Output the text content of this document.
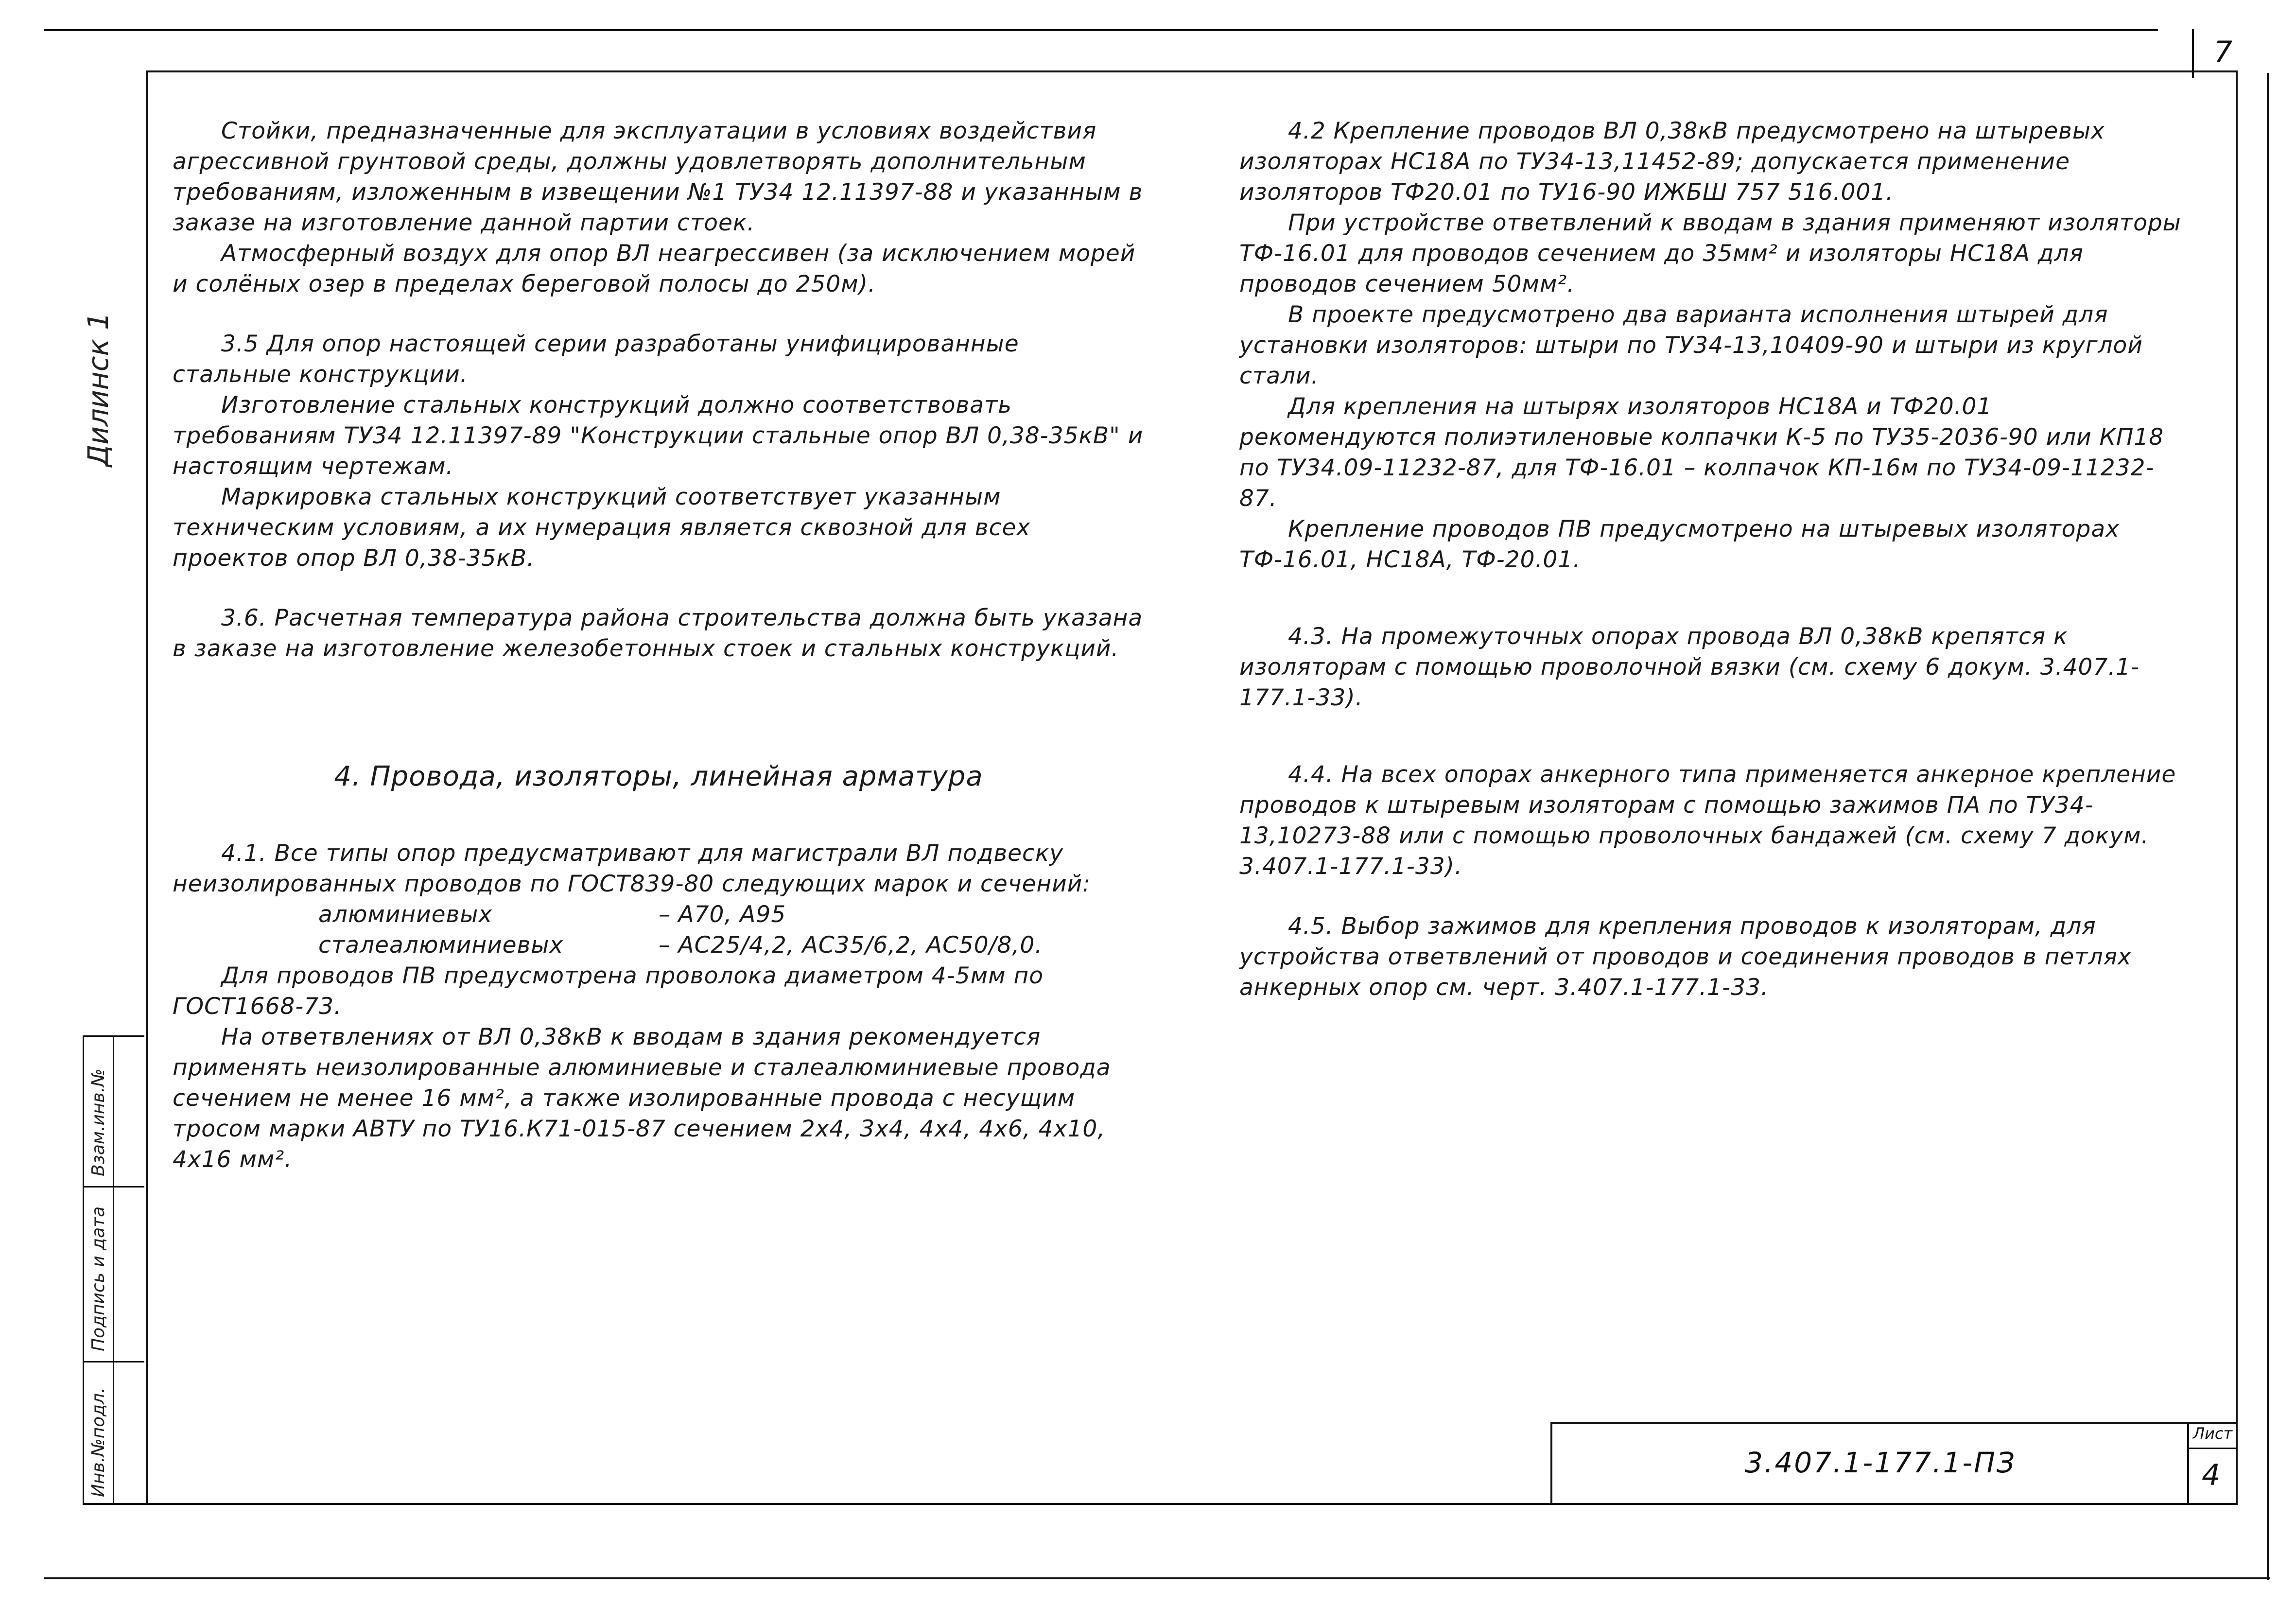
7
Дилинск 1
Взам.инв.№
Подпись и дата
Инв.№подл.	3.407.1-177.1-ПЗ
Лист
4

Стойки, предназначенные для эксплуатации в условиях воздействия агрессивной грунтовой среды, должны удовлетворять дополнительным требованиям, изложенным в извещении №1 ТУ34 12.11397-88 и указанным в заказе на изготовление данной партии стоек.

Атмосферный воздух для опор ВЛ неагрессивен (за исключением морей и солёных озер в пределах береговой полосы до 250м).

3.5 Для опор настоящей серии разработаны унифицированные стальные конструкции.

Изготовление стальных конструкций должно соответствовать требованиям ТУ34 12.11397-89 "Конструкции стальные опор ВЛ 0,38-35кВ" и настоящим чертежам.

Маркировка стальных конструкций соответствует указанным техническим условиям, а их нумерация является сквозной для всех проектов опор ВЛ 0,38-35кВ.

3.6. Расчетная температура района строительства должна быть указана в заказе на изготовление железобетонных стоек и стальных конструкций.

4. Провода, изоляторы, линейная арматура

4.1. Все типы опор предусматривают для магистрали ВЛ подвеску неизолированных проводов по ГОСТ839-80 следующих марок и сечений:

алюминиевых	– А70, А95
сталеалюминиевых	– АС25/4,2, АС35/6,2, АС50/8,0.

Для проводов ПВ предусмотрена проволока диаметром 4-5мм по ГОСТ1668-73.

На ответвлениях от ВЛ 0,38кВ к вводам в здания рекомендуется применять неизолированные алюминиевые и сталеалюминиевые провода сечением не менее 16 мм², а также изолированные провода с несущим тросом марки АВТУ по ТУ16.К71-015-87 сечением 2х4, 3х4, 4х4, 4х6, 4х10, 4х16 мм².

4.2 Крепление проводов ВЛ 0,38кВ предусмотрено на штыревых изоляторах НС18А по ТУ34-13,11452-89; допускается применение изоляторов ТФ20.01 по ТУ16-90 ИЖБШ 757 516.001.

При устройстве ответвлений к вводам в здания применяют изоляторы ТФ-16.01 для проводов сечением до 35мм² и изоляторы НС18А для проводов сечением 50мм².

В проекте предусмотрено два варианта исполнения штырей для установки изоляторов: штыри по ТУ34-13,10409-90 и штыри из круглой стали.

Для крепления на штырях изоляторов НС18А и ТФ20.01 рекомендуются полиэтиленовые колпачки К-5 по ТУ35-2036-90 или КП18 по ТУ34.09-11232-87, для ТФ-16.01 – колпачок КП-16м по ТУ34-09-11232-87.

Крепление проводов ПВ предусмотрено на штыревых изоляторах ТФ-16.01, НС18А, ТФ-20.01.

4.3. На промежуточных опорах провода ВЛ 0,38кВ крепятся к изоляторам с помощью проволочной вязки (см. схему 6 докум. 3.407.1-177.1-33).

4.4. На всех опорах анкерного типа применяется анкерное крепление проводов к штыревым изоляторам с помощью зажимов ПА по ТУ34-13,10273-88 или с помощью проволочных бандажей (см. схему 7 докум. 3.407.1-177.1-33).

4.5. Выбор зажимов для крепления проводов к изоляторам, для устройства ответвлений от проводов и соединения проводов в петлях анкерных опор см. черт. 3.407.1-177.1-33.
